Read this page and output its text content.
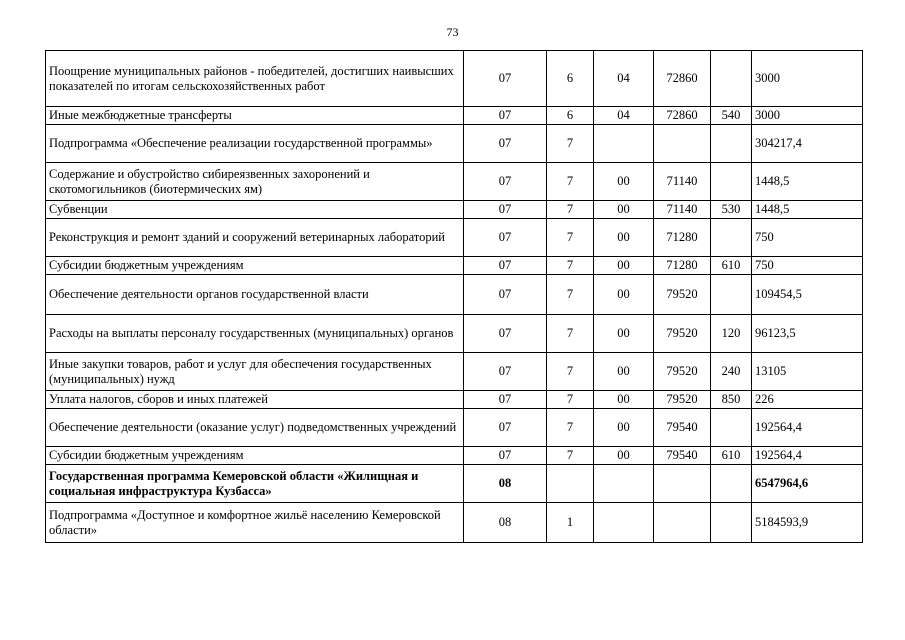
73
Поощрение муниципальных районов - победителей, достигших наивысших показателей по итогам сельскохозяйственных работ	07	6	04	72860		3000
Иные межбюджетные трансферты	07	6	04	72860	540	3000
Подпрограмма «Обеспечение реализации государственной программы»	07	7				304217,4
Содержание и обустройство сибиреязвенных захоронений и скотомогильников (биотермических ям)	07	7	00	71140		1448,5
Субвенции	07	7	00	71140	530	1448,5
Реконструкция и ремонт зданий и сооружений ветеринарных лабораторий	07	7	00	71280		750
Субсидии бюджетным учреждениям	07	7	00	71280	610	750
Обеспечение деятельности органов государственной власти	07	7	00	79520		109454,5
Расходы на выплаты персоналу государственных (муниципальных) органов	07	7	00	79520	120	96123,5
Иные закупки товаров, работ и услуг для обеспечения государственных (муниципальных) нужд	07	7	00	79520	240	13105
Уплата налогов, сборов и иных платежей	07	7	00	79520	850	226
Обеспечение деятельности (оказание услуг) подведомственных учреждений	07	7	00	79540		192564,4
Субсидии бюджетным учреждениям	07	7	00	79540	610	192564,4
Государственная программа Кемеровской области «Жилищная и социальная инфраструктура Кузбасса»	08					6547964,6
Подпрограмма «Доступное и комфортное жильё населению Кемеровской области»	08	1				5184593,9
